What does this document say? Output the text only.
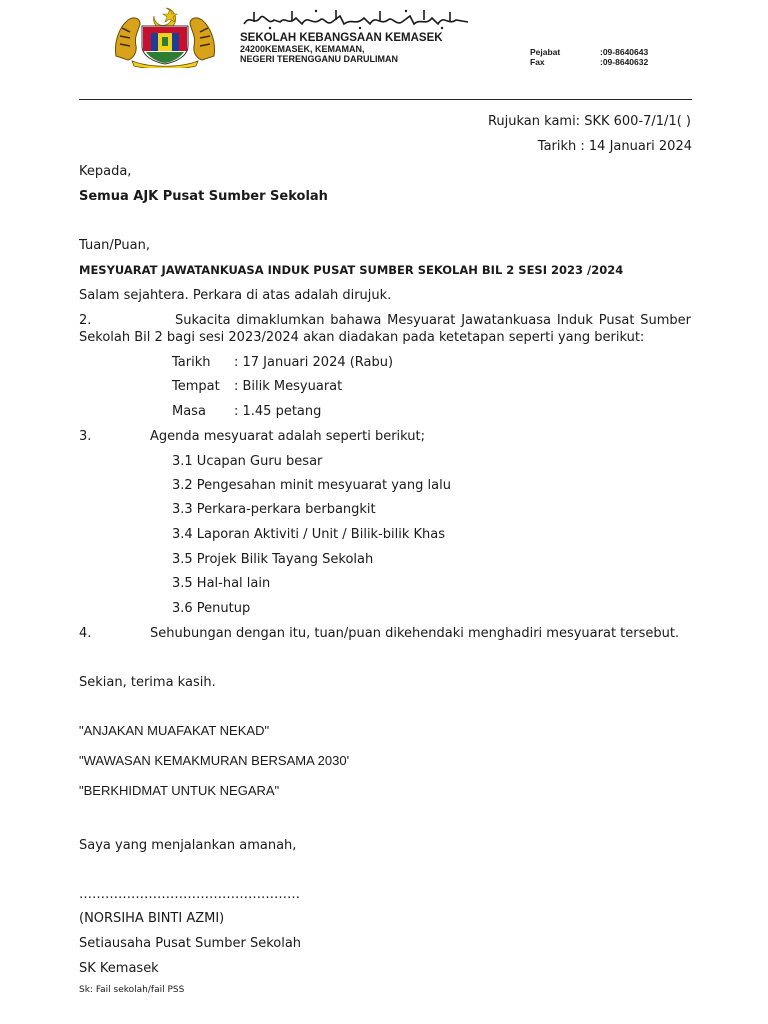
SEKOLAH KEBANGSAAN KEMASEK
24200KEMASEK, KEMAMAN,
NEGERI TERENGGANU DARULIMAN
Pejabat	:09-8640643
Fax	:09-8640632
Rujukan kami: SKK 600-7/1/1( )
Tarikh : 14 Januari 2024
Kepada,
Semua AJK Pusat Sumber Sekolah
Tuan/Puan,
MESYUARAT JAWATANKUASA INDUK PUSAT SUMBER SEKOLAH BIL 2 SESI 2023 /2024
Salam sejahtera. Perkara di atas adalah dirujuk.
2.	Sukacita dimaklumkan bahawa Mesyuarat Jawatankuasa Induk Pusat Sumber
Sekolah Bil 2 bagi sesi 2023/2024 akan diadakan pada ketetapan seperti yang berikut:
Tarikh : 17 Januari 2024 (Rabu)
Tempat : Bilik Mesyuarat
Masa : 1.45 petang
3.	Agenda mesyuarat adalah seperti berikut;
3.1 Ucapan Guru besar
3.2 Pengesahan minit mesyuarat yang lalu
3.3 Perkara-perkara berbangkit
3.4 Laporan Aktiviti / Unit / Bilik-bilik Khas
3.5 Projek Bilik Tayang Sekolah
3.5 Hal-hal lain
3.6 Penutup
4.	Sehubungan dengan itu, tuan/puan dikehendaki menghadiri mesyuarat tersebut.
Sekian, terima kasih.
"ANJAKAN MUAFAKAT NEKAD"
"WAWASAN KEMAKMURAN BERSAMA 2030'
"BERKHIDMAT UNTUK NEGARA"
Saya yang menjalankan amanah,
……………………………………………
(NORSIHA BINTI AZMI)
Setiausaha Pusat Sumber Sekolah
SK Kemasek
Sk: Fail sekolah/fail PSS
